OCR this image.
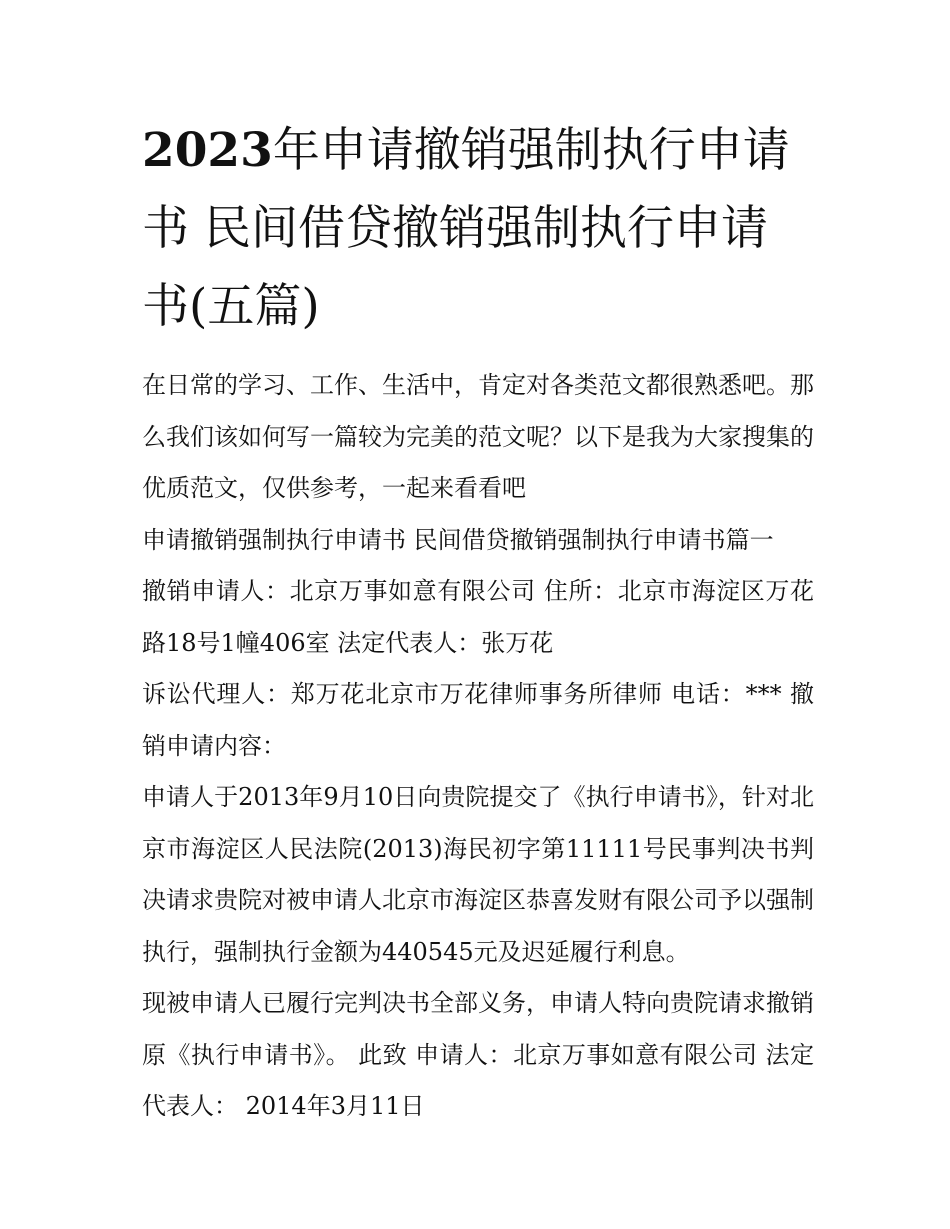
2023年申请撤销强制执行申请书 民间借贷撤销强制执行申请书(五篇)

在日常的学习、工作、生活中，肯定对各类范文都很熟悉吧。那么我们该如何写一篇较为完美的范文呢？以下是我为大家搜集的优质范文，仅供参考，一起来看看吧

申请撤销强制执行申请书 民间借贷撤销强制执行申请书篇一

撤销申请人：北京万事如意有限公司 住所：北京市海淀区万花路18号1幢406室 法定代表人：张万花

诉讼代理人：郑万花北京市万花律师事务所律师 电话：*** 撤销申请内容：

申请人于2013年9月10日向贵院提交了《执行申请书》，针对北京市海淀区人民法院(2013)海民初字第11111号民事判决书判决请求贵院对被申请人北京市海淀区恭喜发财有限公司予以强制执行，强制执行金额为440545元及迟延履行利息。

现被申请人已履行完判决书全部义务，申请人特向贵院请求撤销原《执行申请书》。 此致 申请人：北京万事如意有限公司 法定代表人： 2014年3月11日
